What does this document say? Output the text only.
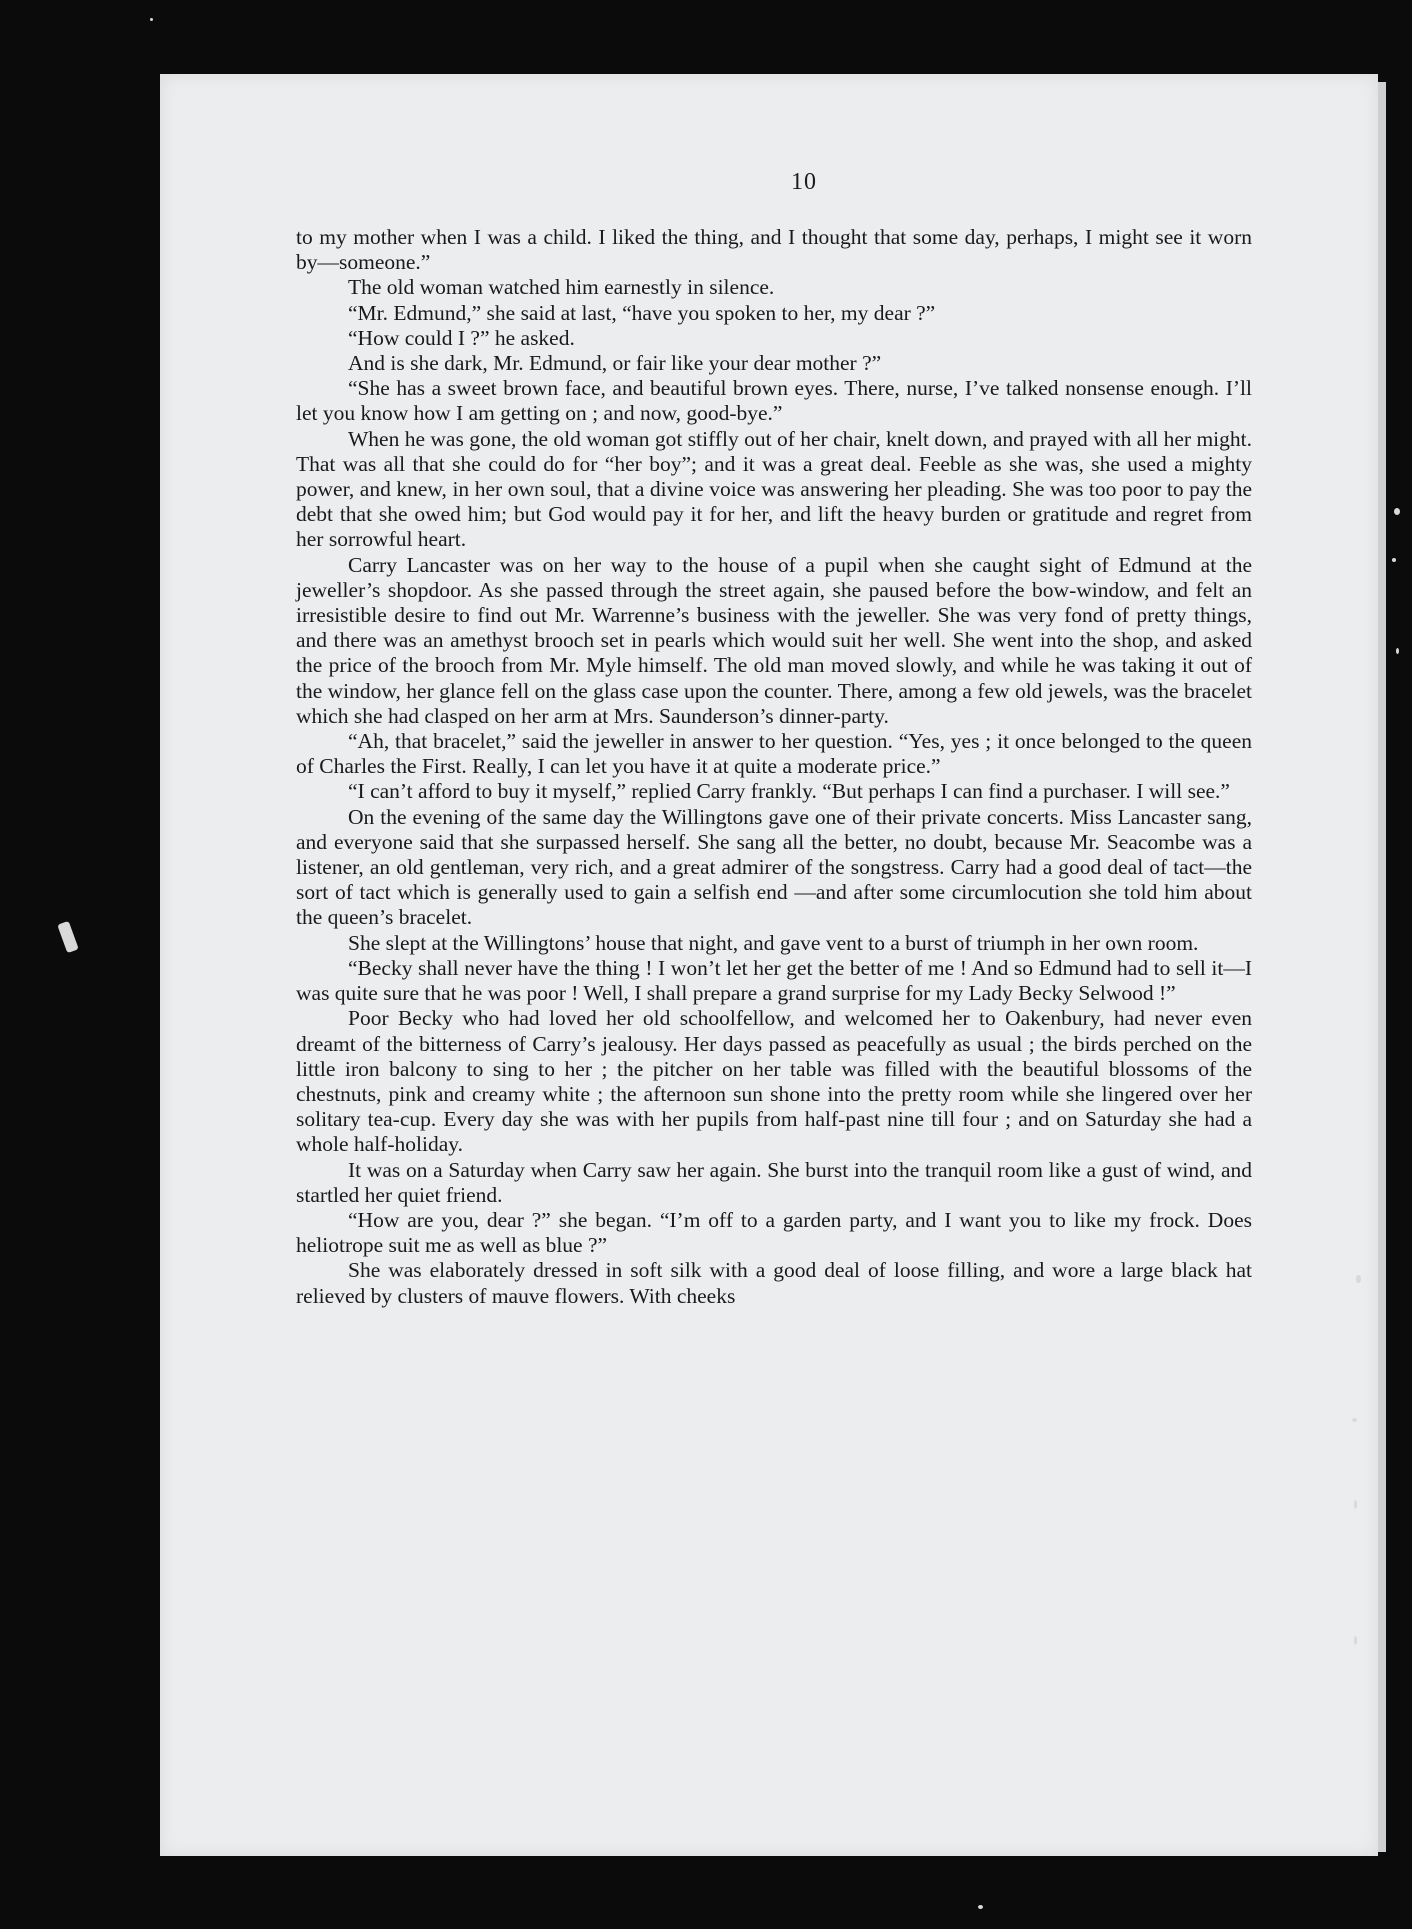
10

to my mother when I was a child. I liked the thing, and I thought that some day, perhaps, I might see it worn by—someone.”

The old woman watched him earnestly in silence.

“Mr. Edmund,” she said at last, “have you spoken to her, my dear ?”

“How could I ?” he asked.

And is she dark, Mr. Edmund, or fair like your dear mother ?”

“She has a sweet brown face, and beautiful brown eyes. There, nurse, I’ve talked nonsense enough. I’ll let you know how I am getting on ; and now, good-bye.”

When he was gone, the old woman got stiffly out of her chair, knelt down, and prayed with all her might. That was all that she could do for “her boy”; and it was a great deal. Feeble as she was, she used a mighty power, and knew, in her own soul, that a divine voice was answering her pleading. She was too poor to pay the debt that she owed him; but God would pay it for her, and lift the heavy burden or gratitude and regret from her sorrowful heart.

Carry Lancaster was on her way to the house of a pupil when she caught sight of Edmund at the jeweller’s shopdoor. As she passed through the street again, she paused before the bow-window, and felt an irresistible desire to find out Mr. Warrenne’s business with the jeweller. She was very fond of pretty things, and there was an amethyst brooch set in pearls which would suit her well. She went into the shop, and asked the price of the brooch from Mr. Myle himself. The old man moved slowly, and while he was taking it out of the window, her glance fell on the glass case upon the counter. There, among a few old jewels, was the bracelet which she had clasped on her arm at Mrs. Saunderson’s dinner-party.

“Ah, that bracelet,” said the jeweller in answer to her question. “Yes, yes ; it once belonged to the queen of Charles the First. Really, I can let you have it at quite a moderate price.”

“I can’t afford to buy it myself,” replied Carry frankly. “But perhaps I can find a purchaser. I will see.”

On the evening of the same day the Willingtons gave one of their private concerts. Miss Lancaster sang, and everyone said that she surpassed herself. She sang all the better, no doubt, because Mr. Seacombe was a listener, an old gentleman, very rich, and a great admirer of the songstress. Carry had a good deal of tact—the sort of tact which is generally used to gain a selfish end —and after some circumlocution she told him about the queen’s bracelet.

She slept at the Willingtons’ house that night, and gave vent to a burst of triumph in her own room.

“Becky shall never have the thing ! I won’t let her get the better of me ! And so Edmund had to sell it—I was quite sure that he was poor ! Well, I shall prepare a grand surprise for my Lady Becky Selwood !”

Poor Becky who had loved her old schoolfellow, and welcomed her to Oakenbury, had never even dreamt of the bitterness of Carry’s jealousy. Her days passed as peacefully as usual ; the birds perched on the little iron balcony to sing to her ; the pitcher on her table was filled with the beautiful blossoms of the chestnuts, pink and creamy white ; the afternoon sun shone into the pretty room while she lingered over her solitary tea-cup. Every day she was with her pupils from half-past nine till four ; and on Saturday she had a whole half-holiday.

It was on a Saturday when Carry saw her again. She burst into the tranquil room like a gust of wind, and startled her quiet friend.

“How are you, dear ?” she began. “I’m off to a garden party, and I want you to like my frock. Does heliotrope suit me as well as blue ?”

She was elaborately dressed in soft silk with a good deal of loose filling, and wore a large black hat relieved by clusters of mauve flowers. With cheeks
